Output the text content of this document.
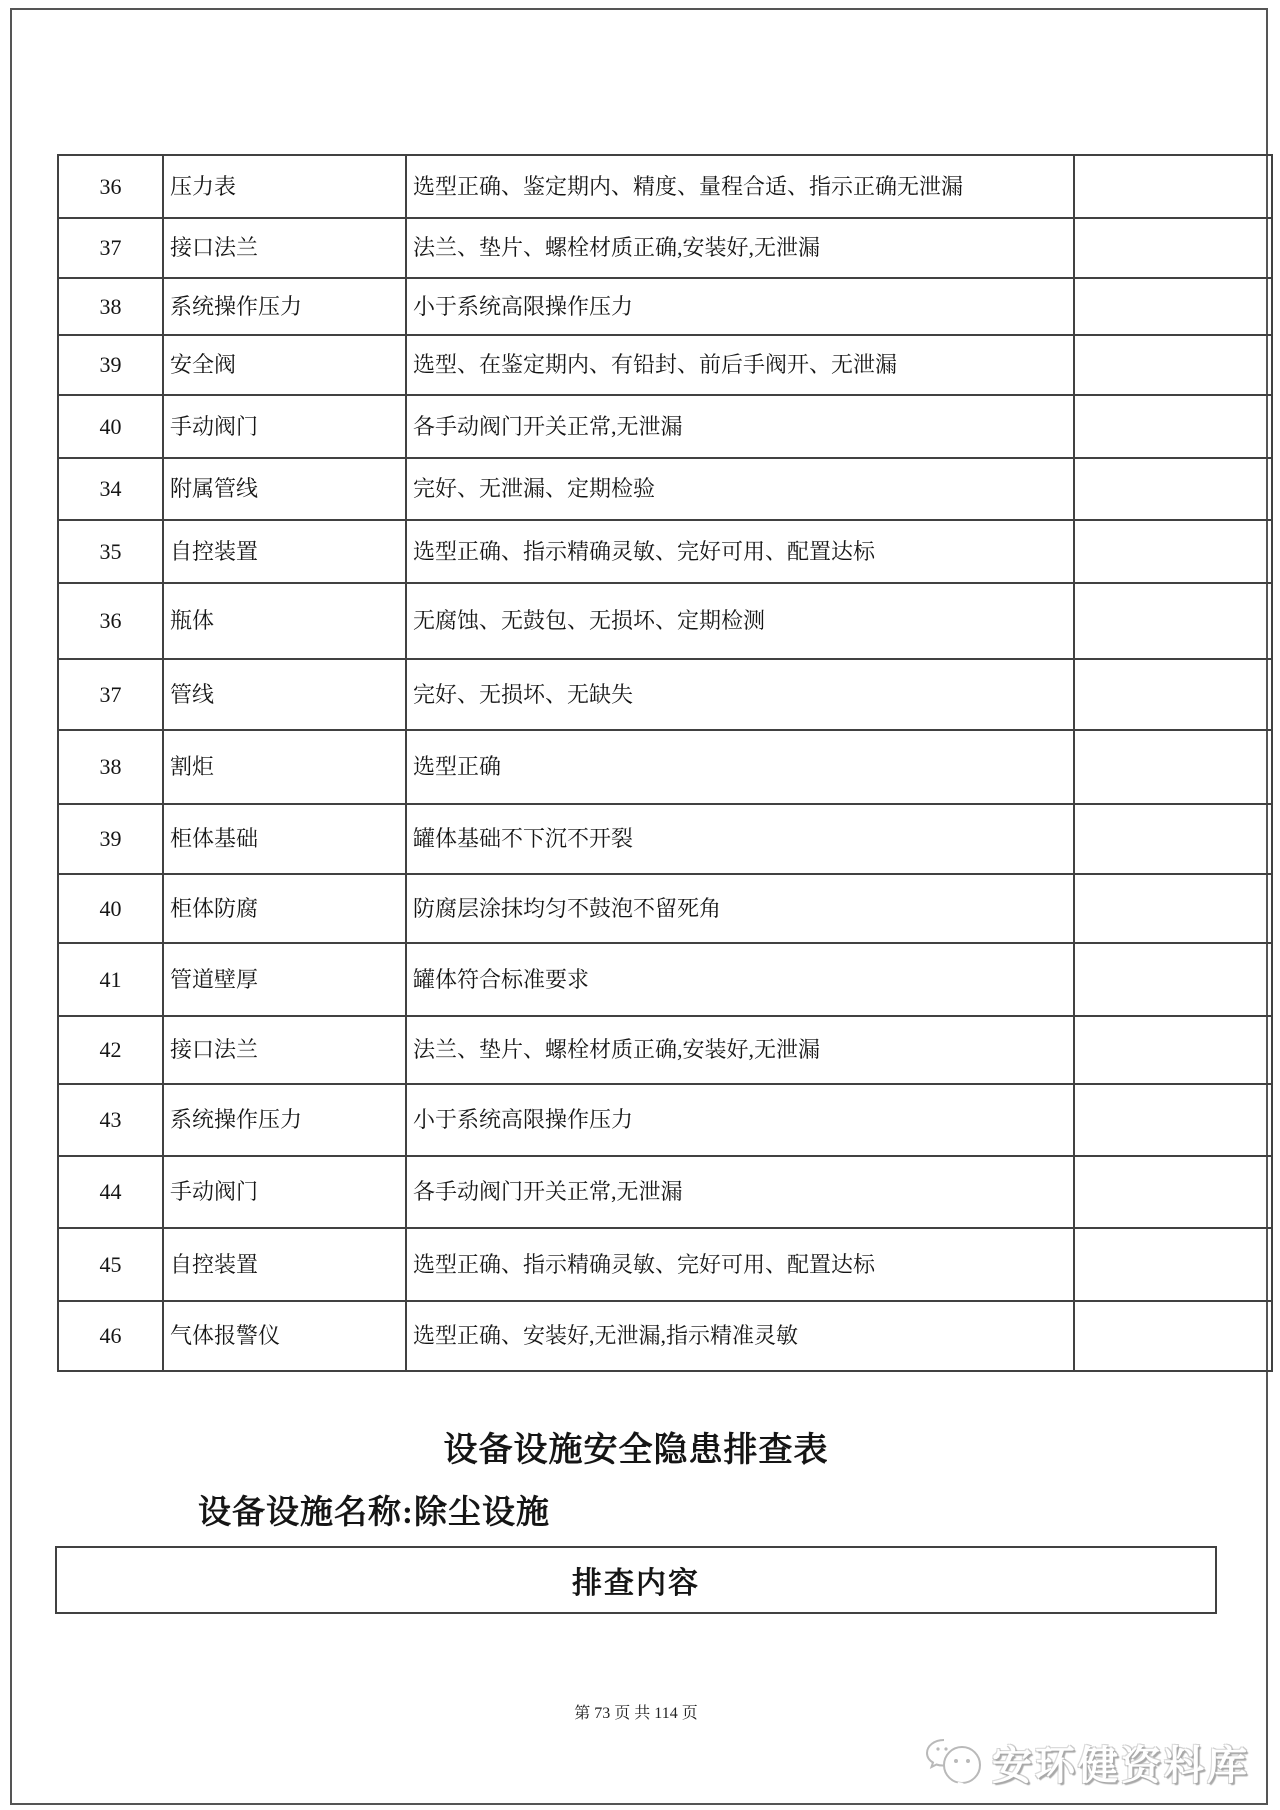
36	压力表	选型正确、鉴定期内、精度、量程合适、指示正确无泄漏	
37	接口法兰	法兰、垫片、螺栓材质正确,安装好,无泄漏	
38	系统操作压力	小于系统高限操作压力	
39	安全阀	选型、在鉴定期内、有铅封、前后手阀开、无泄漏	
40	手动阀门	各手动阀门开关正常,无泄漏	
34	附属管线	完好、无泄漏、定期检验	
35	自控装置	选型正确、指示精确灵敏、完好可用、配置达标	
36	瓶体	无腐蚀、无鼓包、无损坏、定期检测	
37	管线	完好、无损坏、无缺失	
38	割炬	选型正确	
39	柜体基础	罐体基础不下沉不开裂	
40	柜体防腐	防腐层涂抹均匀不鼓泡不留死角	
41	管道壁厚	罐体符合标准要求	
42	接口法兰	法兰、垫片、螺栓材质正确,安装好,无泄漏	
43	系统操作压力	小于系统高限操作压力	
44	手动阀门	各手动阀门开关正常,无泄漏	
45	自控装置	选型正确、指示精确灵敏、完好可用、配置达标	
46	气体报警仪	选型正确、安装好,无泄漏,指示精准灵敏	
设备设施安全隐患排查表
设备设施名称:除尘设施
排查内容
第 73 页 共 114 页
安环健资料库
